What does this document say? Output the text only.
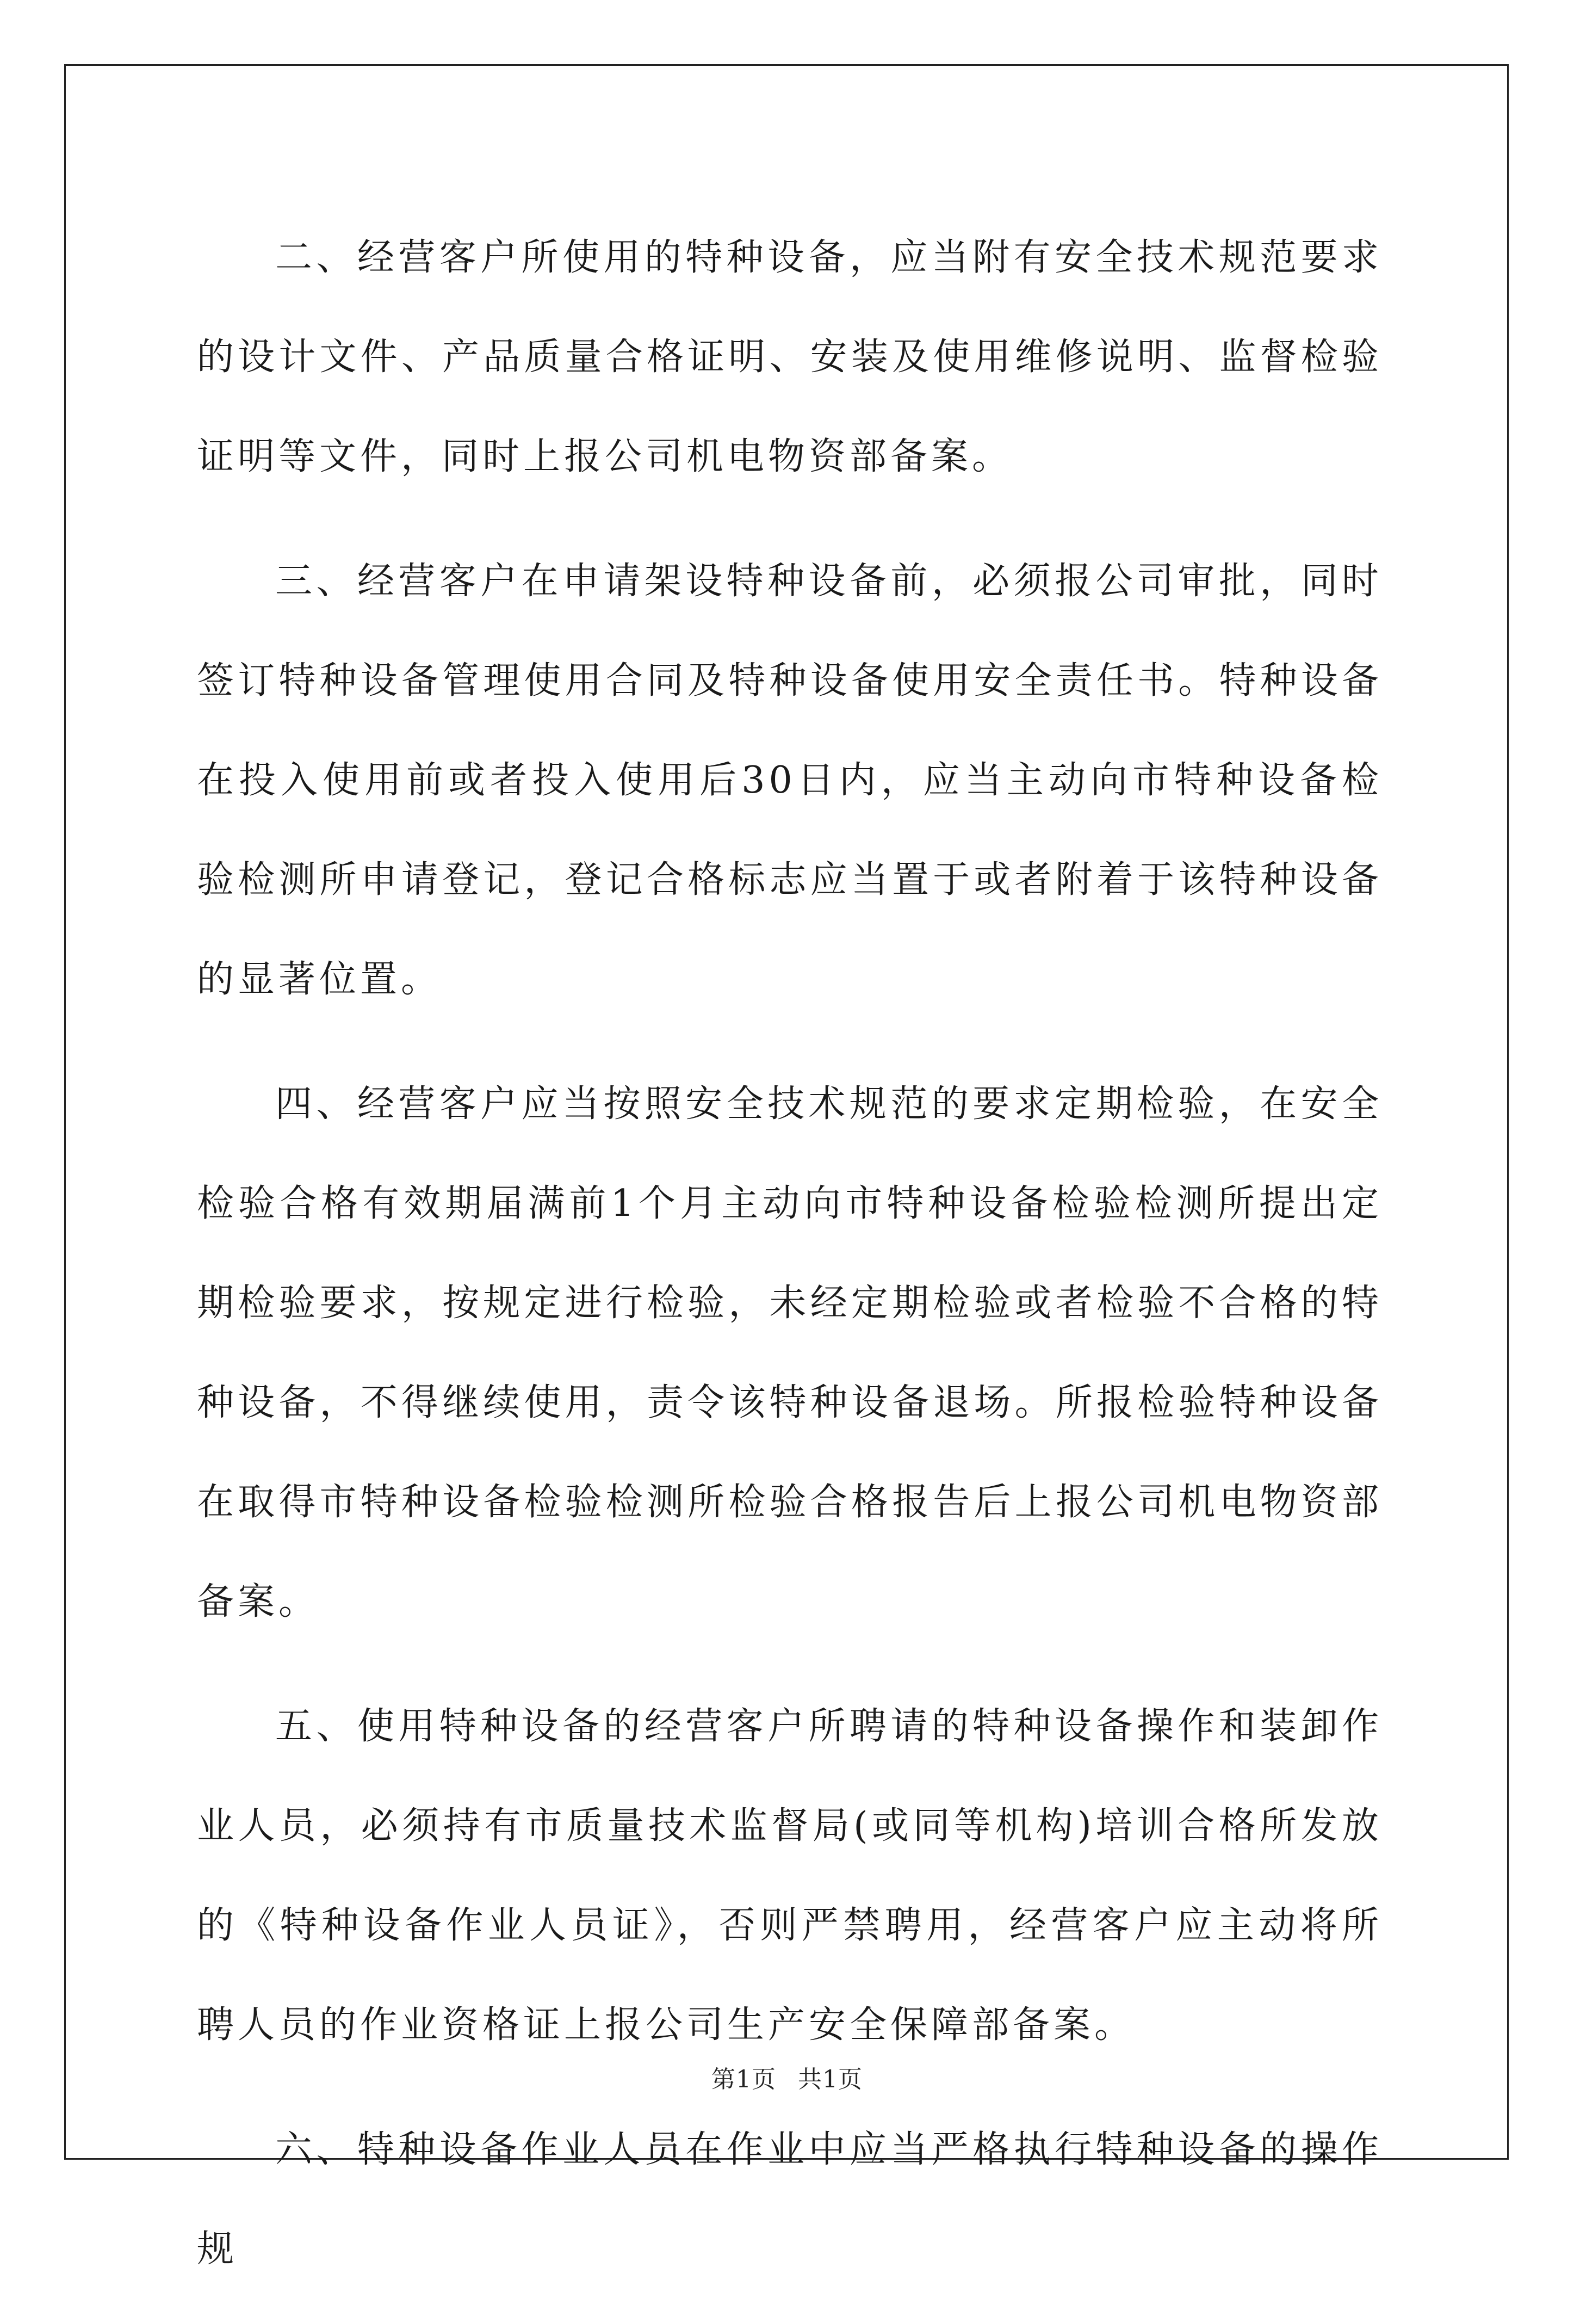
二、经营客户所使用的特种设备，应当附有安全技术规范要求的设计文件、产品质量合格证明、安装及使用维修说明、监督检验证明等文件，同时上报公司机电物资部备案。

三、经营客户在申请架设特种设备前，必须报公司审批，同时签订特种设备管理使用合同及特种设备使用安全责任书。特种设备在投入使用前或者投入使用后30日内，应当主动向市特种设备检验检测所申请登记，登记合格标志应当置于或者附着于该特种设备的显著位置。

四、经营客户应当按照安全技术规范的要求定期检验，在安全检验合格有效期届满前1个月主动向市特种设备检验检测所提出定期检验要求，按规定进行检验，未经定期检验或者检验不合格的特种设备，不得继续使用，责令该特种设备退场。所报检验特种设备在取得市特种设备检验检测所检验合格报告后上报公司机电物资部备案。

五、使用特种设备的经营客户所聘请的特种设备操作和装卸作业人员，必须持有市质量技术监督局(或同等机构)培训合格所发放的《特种设备作业人员证》，否则严禁聘用，经营客户应主动将所聘人员的作业资格证上报公司生产安全保障部备案。

六、特种设备作业人员在作业中应当严格执行特种设备的操作规

第1页 共1页
